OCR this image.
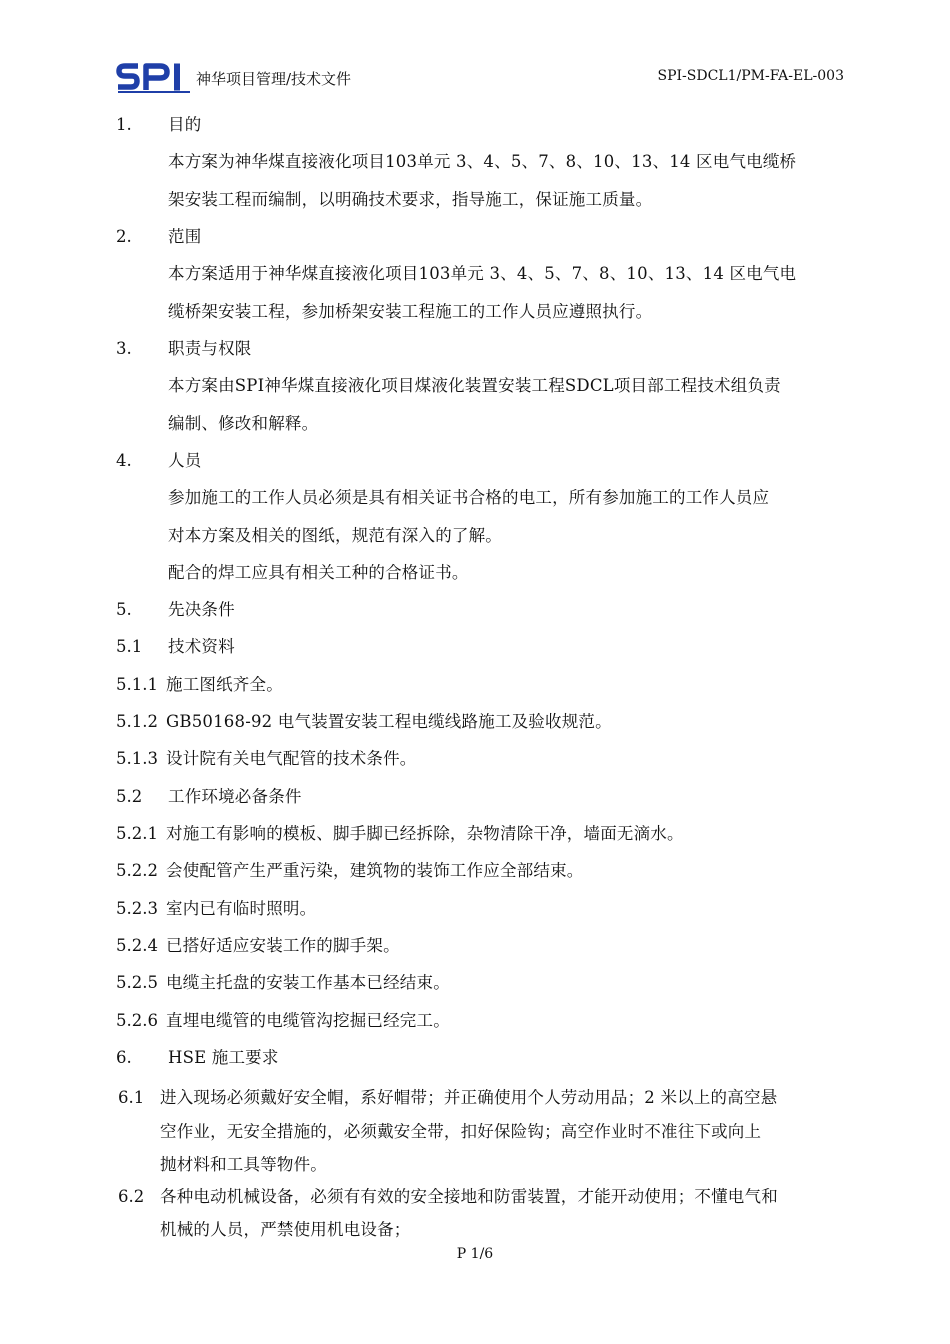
神华项目管理/技术文件	SPI-SDCL1/PM-FA-EL-003
1. 目的
本方案为神华煤直接液化项目103单元 3、4、5、7、8、10、13、14 区电气电缆桥
架安装工程而编制，以明确技术要求，指导施工，保证施工质量。
2. 范围
本方案适用于神华煤直接液化项目103单元 3、4、5、7、8、10、13、14 区电气电
缆桥架安装工程，参加桥架安装工程施工的工作人员应遵照执行。
3. 职责与权限
本方案由SPI神华煤直接液化项目煤液化装置安装工程SDCL项目部工程技术组负责
编制、修改和解释。
4. 人员
参加施工的工作人员必须是具有相关证书合格的电工，所有参加施工的工作人员应
对本方案及相关的图纸，规范有深入的了解。
配合的焊工应具有相关工种的合格证书。
5. 先决条件
5.1 技术资料
5.1.1 施工图纸齐全。
5.1.2 GB50168-92 电气装置安装工程电缆线路施工及验收规范。
5.1.3 设计院有关电气配管的技术条件。
5.2 工作环境必备条件
5.2.1 对施工有影响的模板、脚手脚已经拆除，杂物清除干净，墙面无滴水。
5.2.2 会使配管产生严重污染，建筑物的装饰工作应全部结束。
5.2.3 室内已有临时照明。
5.2.4 已搭好适应安装工作的脚手架。
5.2.5 电缆主托盘的安装工作基本已经结束。
5.2.6 直埋电缆管的电缆管沟挖掘已经完工。
6. HSE 施工要求
6.1 进入现场必须戴好安全帽，系好帽带；并正确使用个人劳动用品；2 米以上的高空悬
空作业，无安全措施的，必须戴安全带，扣好保险钩；高空作业时不准往下或向上
抛材料和工具等物件。
6.2 各种电动机械设备，必须有有效的安全接地和防雷装置，才能开动使用；不懂电气和
机械的人员，严禁使用机电设备；
P 1/6
